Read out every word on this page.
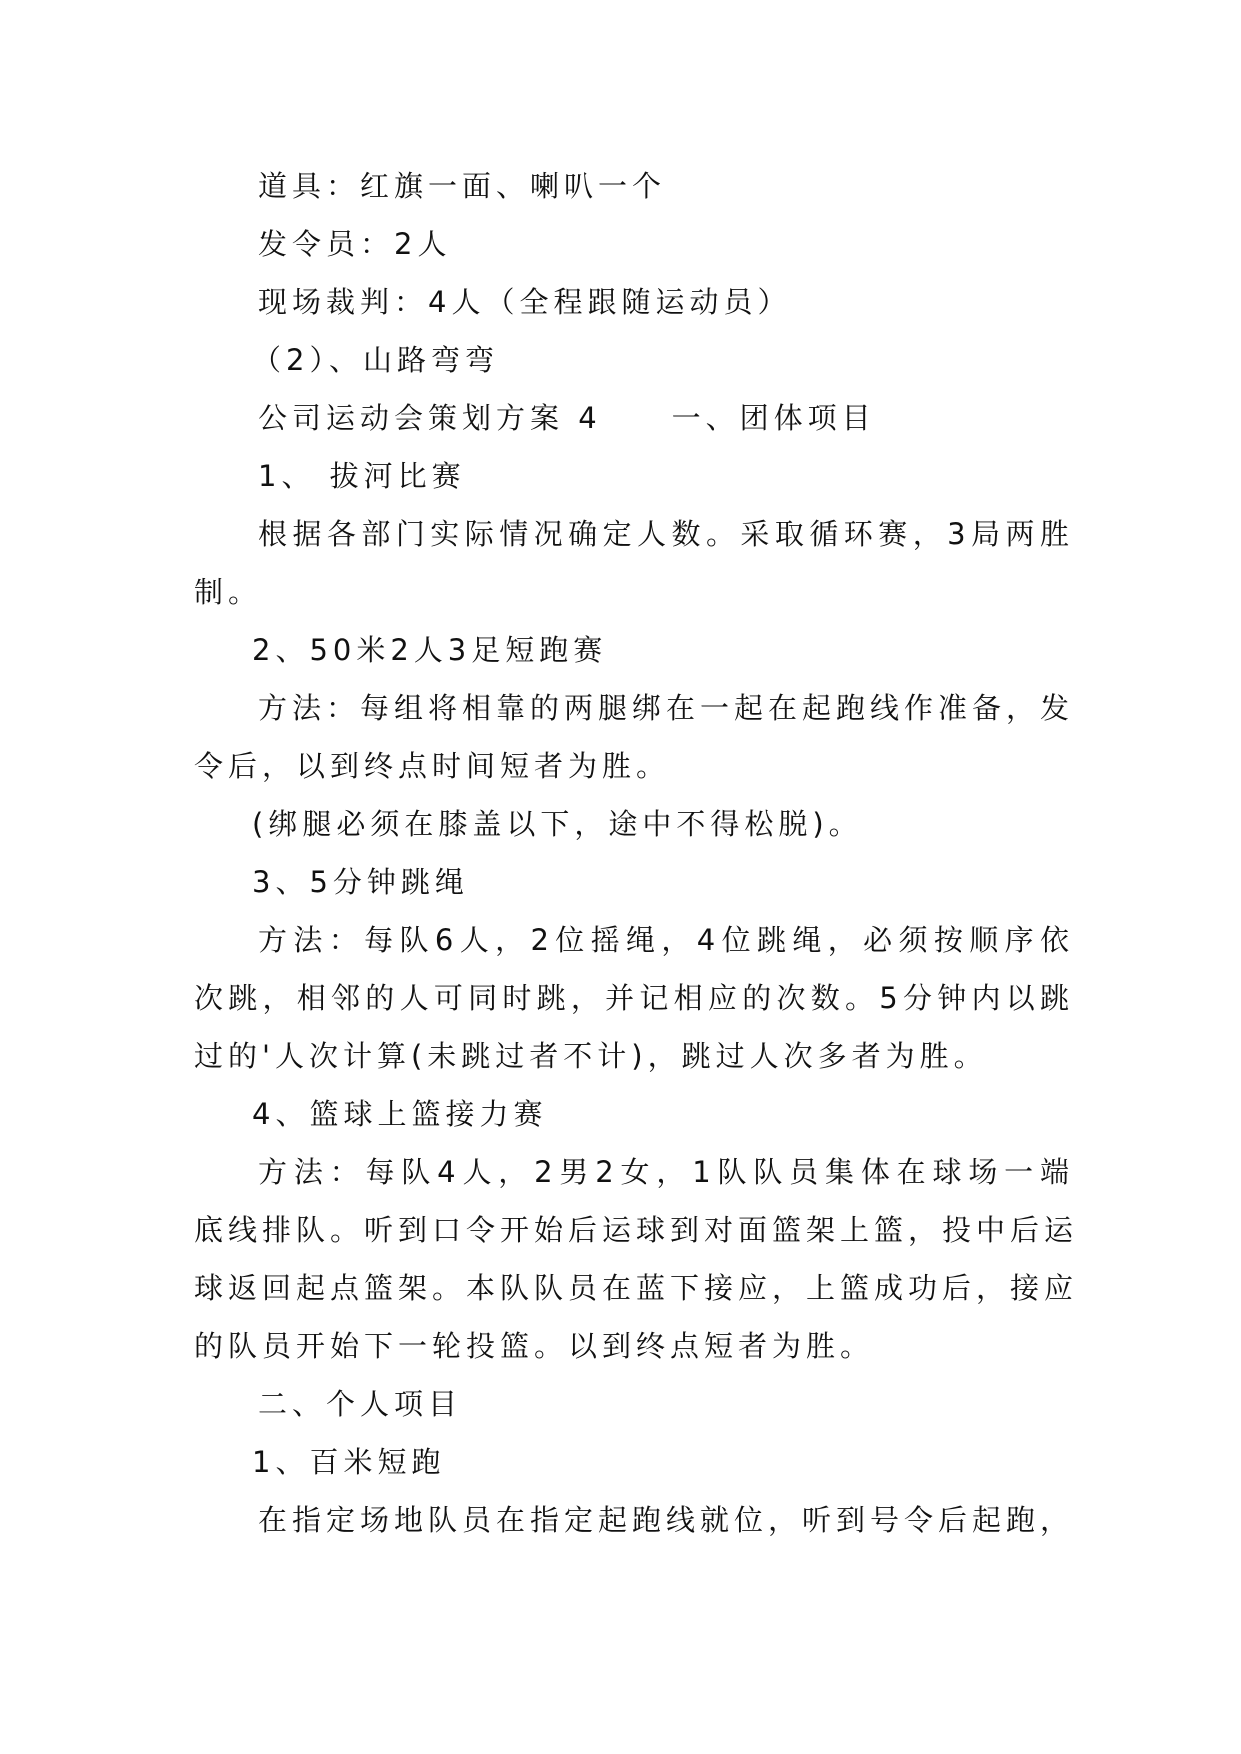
道具：红旗一面、喇叭一个
发令员：2人
现场裁判：4人（全程跟随运动员）
（2）、山路弯弯
公司运动会策划方案 4 一、团体项目
1、 拔河比赛
根据各部门实际情况确定人数。采取循环赛，3局两胜
制。
2、50米2人3足短跑赛
方法：每组将相靠的两腿绑在一起在起跑线作准备，发
令后，以到终点时间短者为胜。
(绑腿必须在膝盖以下，途中不得松脱)。
3、5分钟跳绳
方法：每队6人，2位摇绳，4位跳绳，必须按顺序依
次跳，相邻的人可同时跳，并记相应的次数。5分钟内以跳
过的'人次计算(未跳过者不计)，跳过人次多者为胜。
4、篮球上篮接力赛
方法：每队4人，2男2女，1队队员集体在球场一端
底线排队。听到口令开始后运球到对面篮架上篮，投中后运
球返回起点篮架。本队队员在蓝下接应，上篮成功后，接应
的队员开始下一轮投篮。以到终点短者为胜。
二、个人项目
1、百米短跑
在指定场地队员在指定起跑线就位，听到号令后起跑，
